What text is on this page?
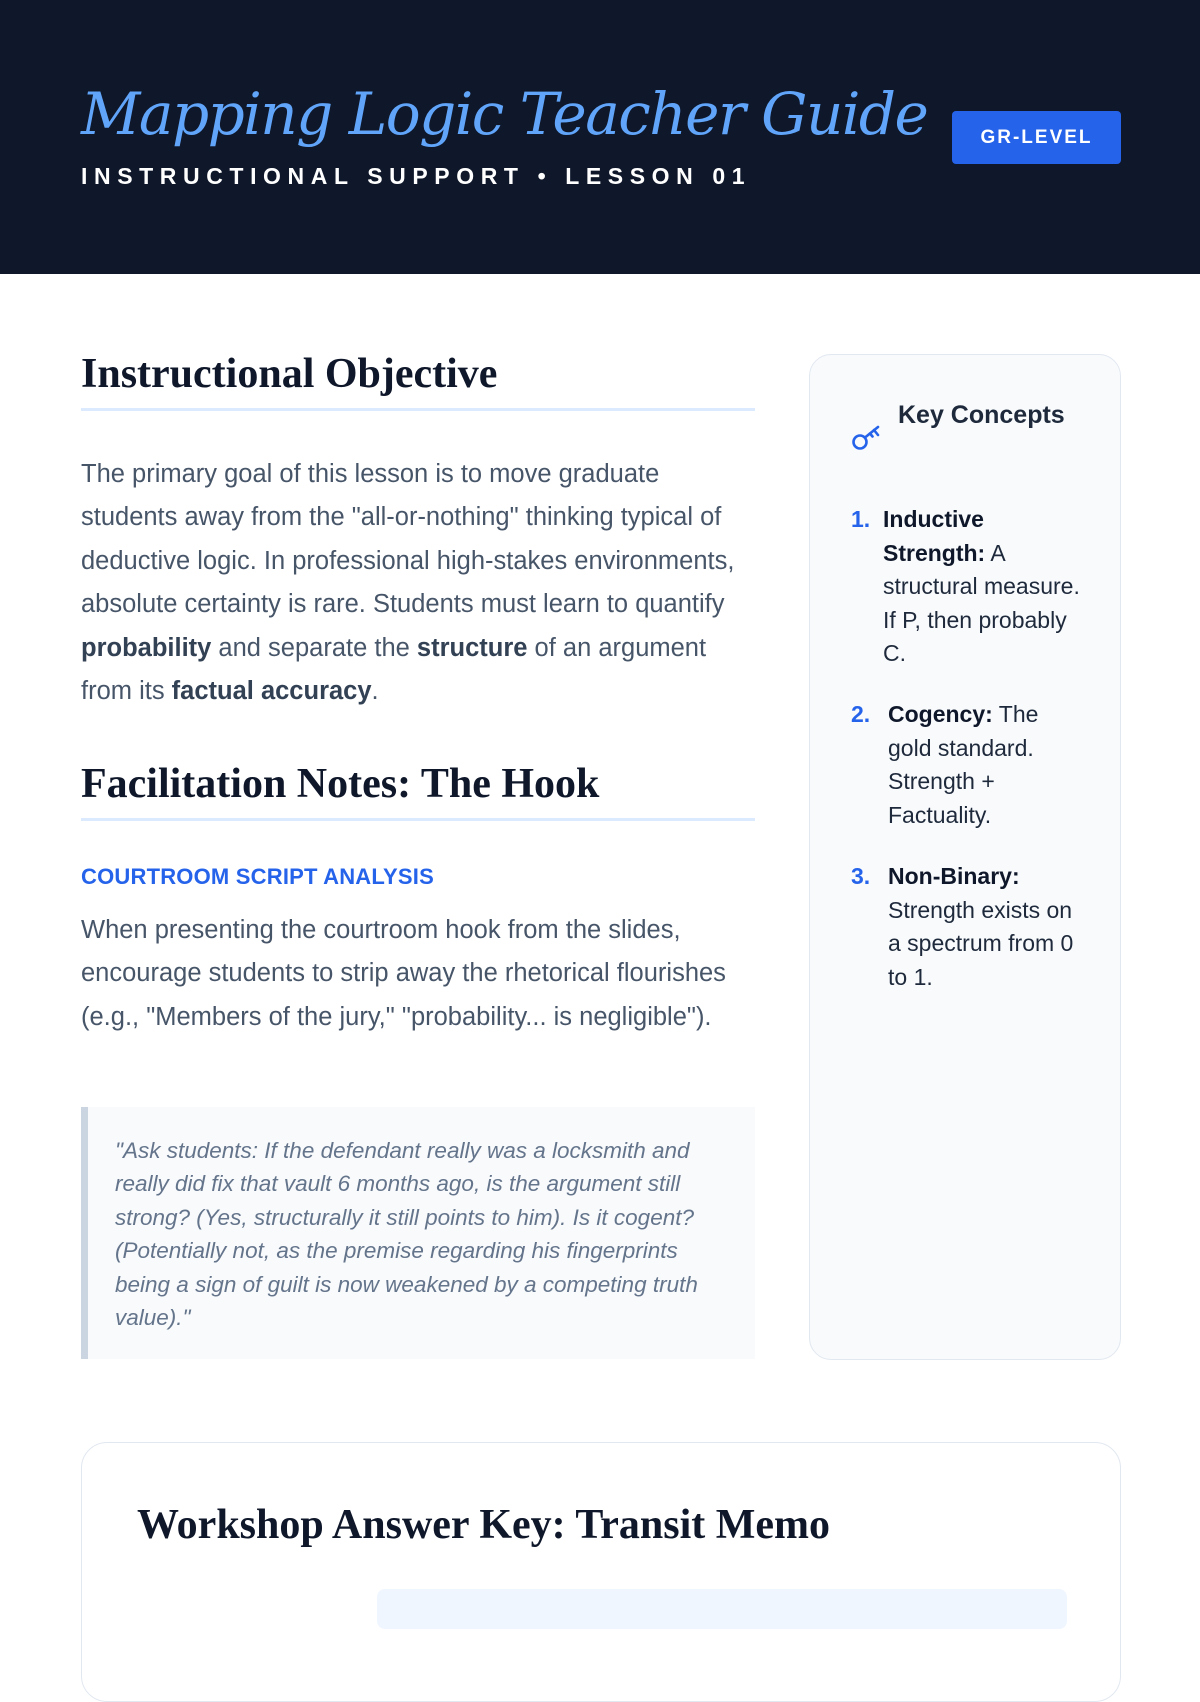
Mapping Logic Teacher Guide
INSTRUCTIONAL SUPPORT • LESSON 01
GR-LEVEL
Instructional Objective

The primary goal of this lesson is to move graduate students away from the "all-or-nothing" thinking typical of deductive logic. In professional high-stakes environments, absolute certainty is rare. Students must learn to quantify probability and separate the structure of an argument from its factual accuracy.

Facilitation Notes: The Hook
COURTROOM SCRIPT ANALYSIS

When presenting the courtroom hook from the slides, encourage students to strip away the rhetorical flourishes (e.g., "Members of the jury," "probability... is negligible").

"Ask students: If the defendant really was a locksmith and really did fix that vault 6 months ago, is the argument still strong? (Yes, structurally it still points to him). Is it cogent? (Potentially not, as the premise regarding his fingerprints being a sign of guilt is now weakened by a competing truth value)."
Key Concepts
1. Inductive Strength: A structural measure. If P, then probably C.
2. Cogency: The gold standard. Strength + Factuality.
3. Non-Binary: Strength exists on a spectrum from 0 to 1.
Workshop Answer Key: Transit Memo
